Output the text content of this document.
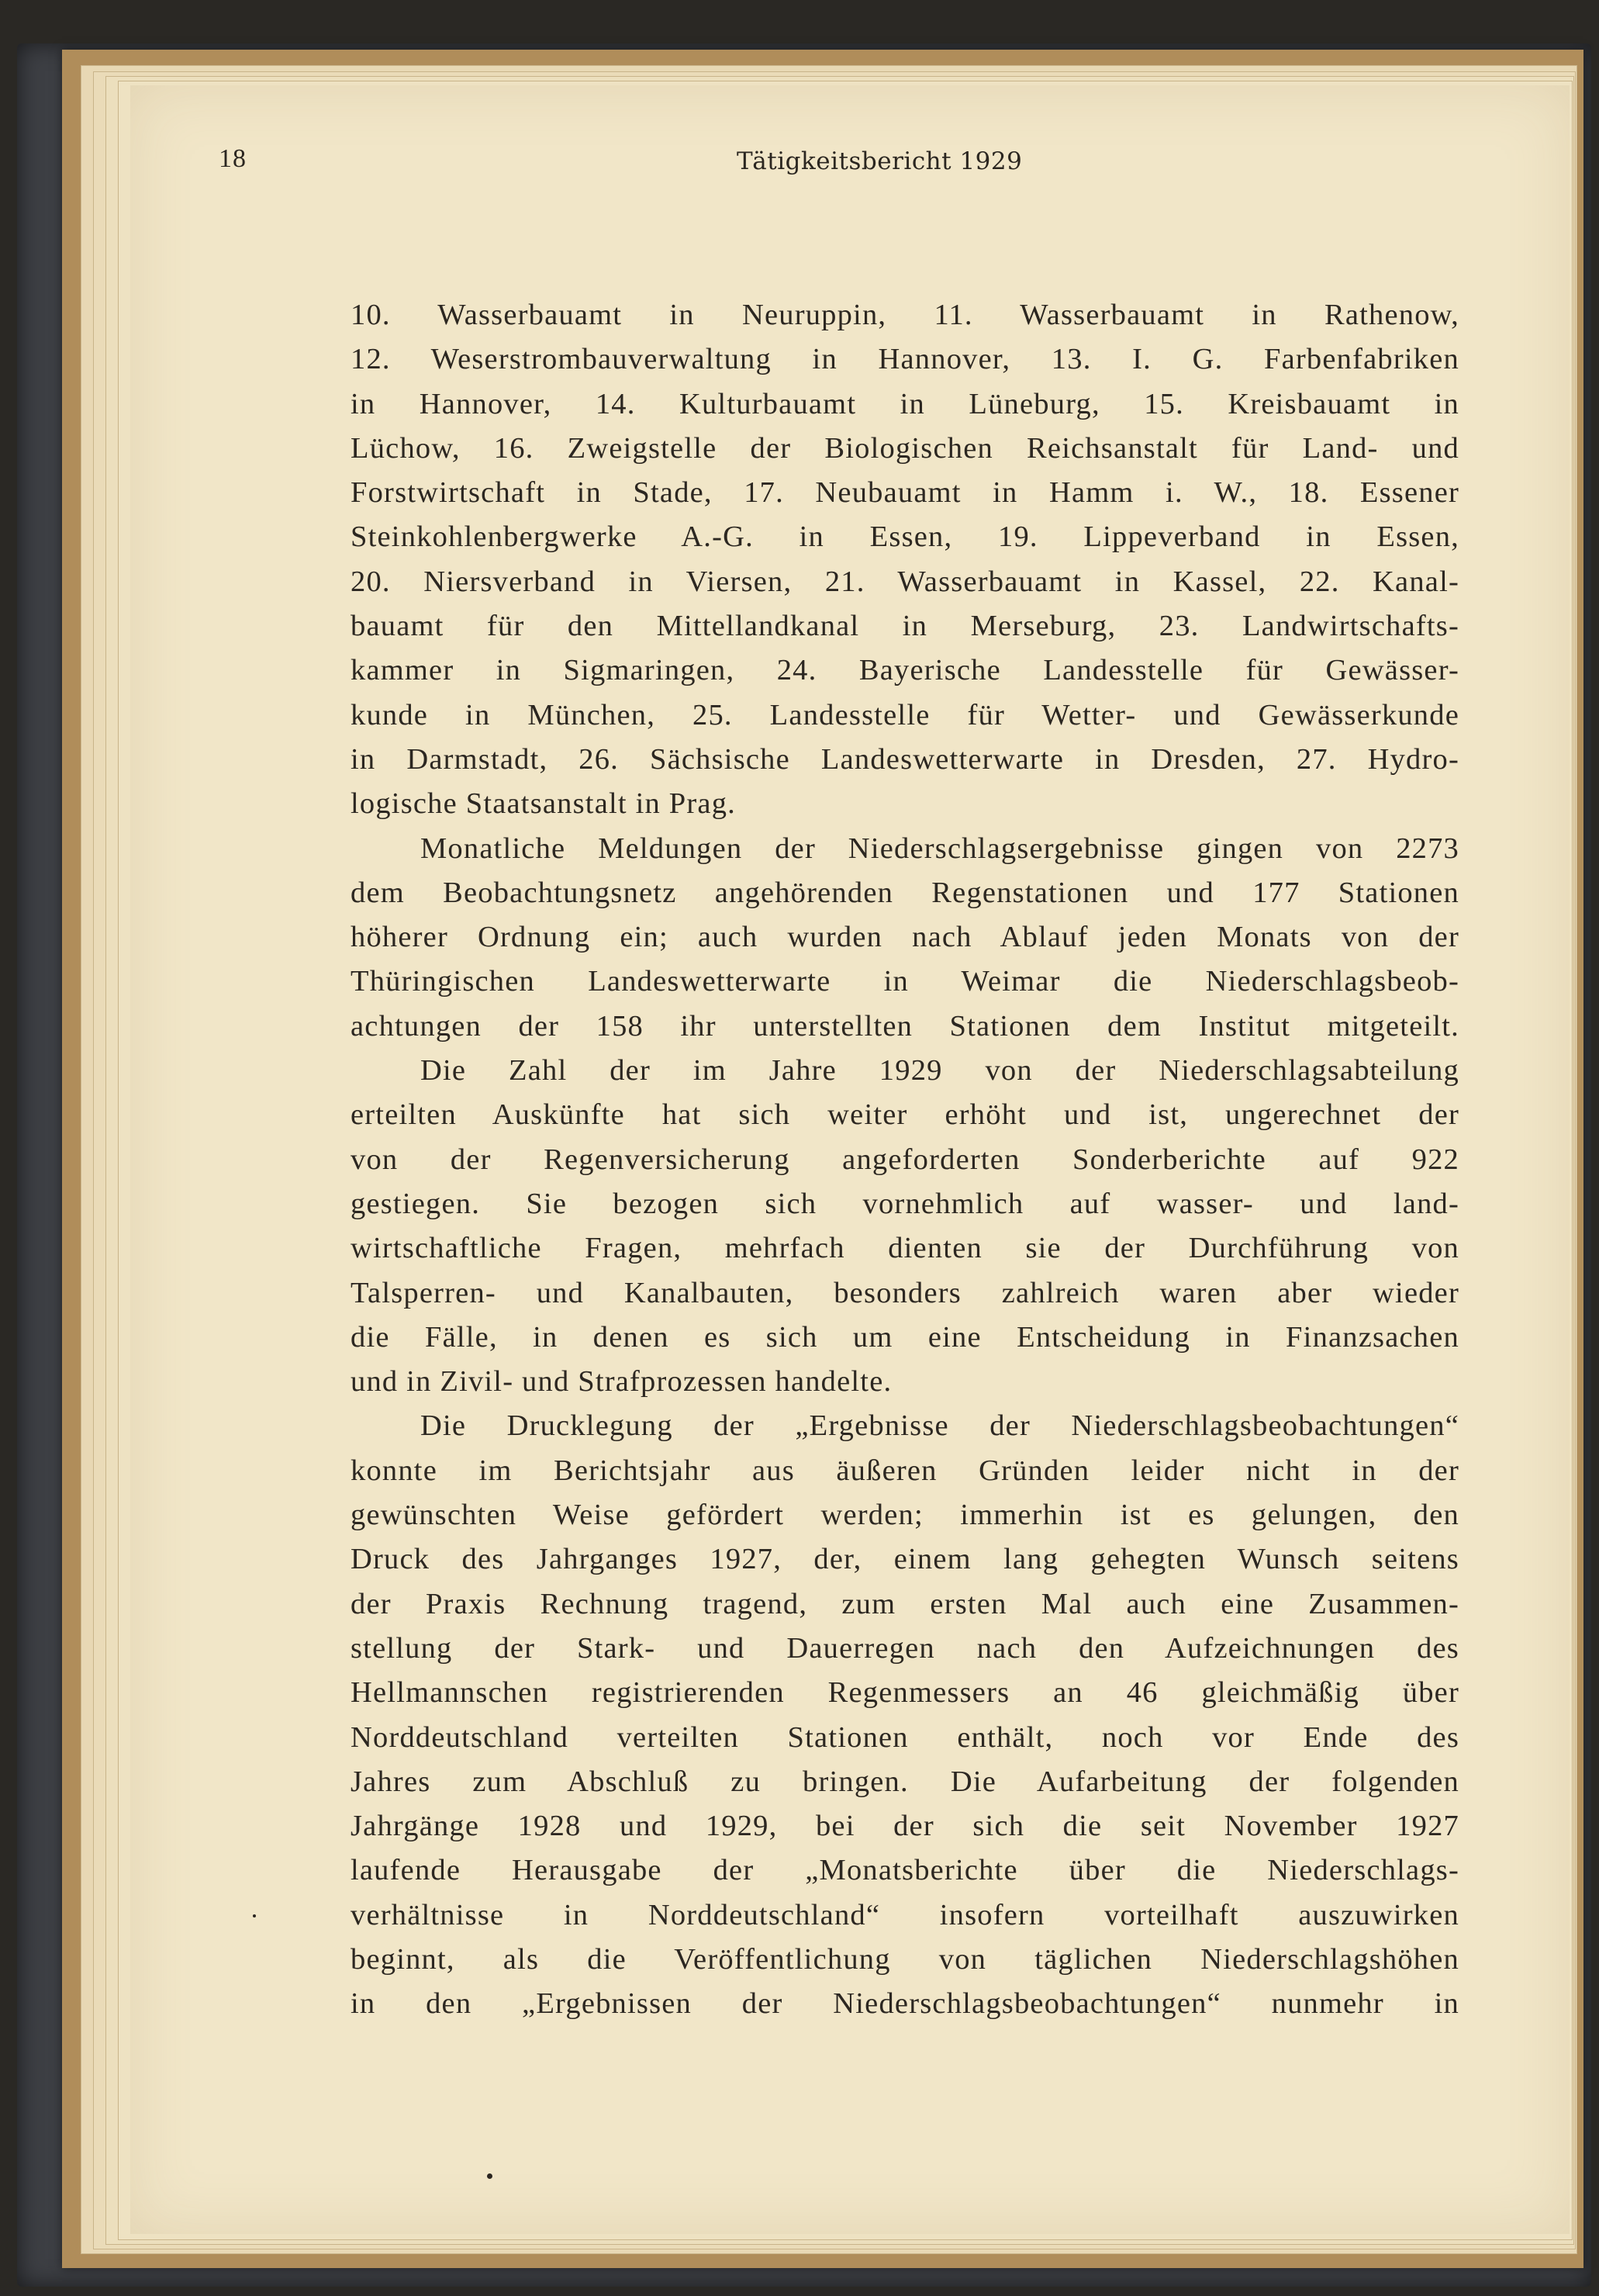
18	Tätigkeitsbericht 1929
10. Wasserbauamt in Neuruppin, 11. Wasserbauamt in Rathenow,
12. Weserstrombauverwaltung in Hannover, 13. I. G. Farbenfabriken
in Hannover, 14. Kulturbauamt in Lüneburg, 15. Kreisbauamt in
Lüchow, 16. Zweigstelle der Biologischen Reichsanstalt für Land- und
Forstwirtschaft in Stade, 17. Neubauamt in Hamm i. W., 18. Essener
Steinkohlenbergwerke A.-G. in Essen, 19. Lippeverband in Essen,
20. Niersverband in Viersen, 21. Wasserbauamt in Kassel, 22. Kanal-
bauamt für den Mittellandkanal in Merseburg, 23. Landwirtschafts-
kammer in Sigmaringen, 24. Bayerische Landesstelle für Gewässer-
kunde in München, 25. Landesstelle für Wetter- und Gewässerkunde
in Darmstadt, 26. Sächsische Landeswetterwarte in Dresden, 27. Hydro-
logische Staatsanstalt in Prag.
Monatliche Meldungen der Niederschlagsergebnisse gingen von 2273
dem Beobachtungsnetz angehörenden Regenstationen und 177 Stationen
höherer Ordnung ein; auch wurden nach Ablauf jeden Monats von der
Thüringischen Landeswetterwarte in Weimar die Niederschlagsbeob-
achtungen der 158 ihr unterstellten Stationen dem Institut mitgeteilt.
Die Zahl der im Jahre 1929 von der Niederschlagsabteilung
erteilten Auskünfte hat sich weiter erhöht und ist, ungerechnet der
von der Regenversicherung angeforderten Sonderberichte auf 922
gestiegen. Sie bezogen sich vornehmlich auf wasser- und land-
wirtschaftliche Fragen, mehrfach dienten sie der Durchführung von
Talsperren- und Kanalbauten, besonders zahlreich waren aber wieder
die Fälle, in denen es sich um eine Entscheidung in Finanzsachen
und in Zivil- und Strafprozessen handelte.
Die Drucklegung der „Ergebnisse der Niederschlagsbeobachtungen“
konnte im Berichtsjahr aus äußeren Gründen leider nicht in der
gewünschten Weise gefördert werden; immerhin ist es gelungen, den
Druck des Jahrganges 1927, der, einem lang gehegten Wunsch seitens
der Praxis Rechnung tragend, zum ersten Mal auch eine Zusammen-
stellung der Stark- und Dauerregen nach den Aufzeichnungen des
Hellmannschen registrierenden Regenmessers an 46 gleichmäßig über
Norddeutschland verteilten Stationen enthält, noch vor Ende des
Jahres zum Abschluß zu bringen. Die Aufarbeitung der folgenden
Jahrgänge 1928 und 1929, bei der sich die seit November 1927
laufende Herausgabe der „Monatsberichte über die Niederschlags-
verhältnisse in Norddeutschland“ insofern vorteilhaft auszuwirken
beginnt, als die Veröffentlichung von täglichen Niederschlagshöhen
in den „Ergebnissen der Niederschlagsbeobachtungen“ nunmehr in
